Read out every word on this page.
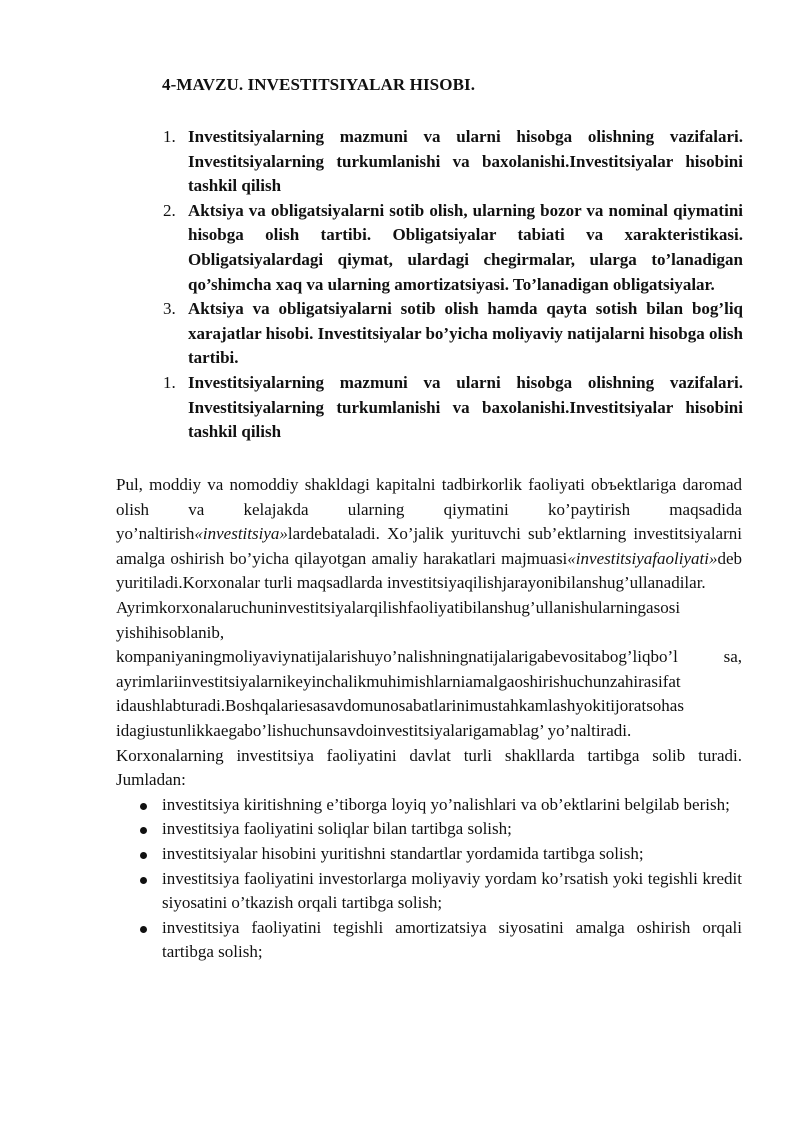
4-MAVZU. INVESTITSIYALAR HISOBI.
1. Investitsiyalarning mazmuni va ularni hisobga olishning vazifalari. Investitsiyalarning turkumlanishi va baxolanishi.Investitsiyalar hisobini tashkil qilish
2. Aktsiya va obligatsiyalarni sotib olish, ularning bozor va nominal qiymatini hisobga olish tartibi. Obligatsiyalar tabiati va xarakteristikasi. Obligatsiyalardagi qiymat, ulardagi chegirmalar, ularga to’lanadigan qo’shimcha xaq va ularning amortizatsiyasi. To’lanadigan obligatsiyalar.
3. Aktsiya va obligatsiyalarni sotib olish hamda qayta sotish bilan bog’liq xarajatlar hisobi. Investitsiyalar bo’yicha moliyaviy natijalarni hisobga olish tartibi.
1. Investitsiyalarning mazmuni va ularni hisobga olishning vazifalari. Investitsiyalarning turkumlanishi va baxolanishi.Investitsiyalar hisobini tashkil qilish

Pul, moddiy va nomoddiy shakldagi kapitalni tadbirkorlik faoliyati obъektlariga daromad olish va kelajakda ularning qiymatini ko’paytirish maqsadida yo’naltirish«investitsiya»lardebataladi. Xo’jalik yurituvchi sub’ektlarning investitsiyalarni amalga oshirish bo’yicha qilayotgan amaliy harakatlari majmuasi«investitsiyafaoliyati»deb yuritiladi.Korxonalar turli maqsadlarda investitsiyaqilishjarayonibilanshug’ullanadilar.

Ayrimkorxonalaruchuninvestitsiyalarqilishfaoliyatibilanshug’ullanishularningasosi yishihisoblanib, kompaniyaningmoliyaviynatijalarishuyo’nalishningnatijalarigabevositabog’liqbo’l sa, ayrimlariinvestitsiyalarnikeyinchalikmuhimishlarniamalgaoshirishuchunzahirasifat idaushlabturadi.Boshqalariesasavdomunosabatlarinimustahkamlashyokitijoratsohas idagiustunlikkaegabo’lishuchunsavdoinvestitsiyalarigamablag’ yo’naltiradi.

Korxonalarning investitsiya faoliyatini davlat turli shakllarda tartibga solib turadi. Jumladan:

investitsiya kiritishning e’tiborga loyiq yo’nalishlari va ob’ektlarini belgilab berish;
investitsiya faoliyatini soliqlar bilan tartibga solish;
investitsiyalar hisobini yuritishni standartlar yordamida tartibga solish;
investitsiya faoliyatini investorlarga moliyaviy yordam ko’rsatish yoki tegishli kredit siyosatini o’tkazish orqali tartibga solish;
investitsiya faoliyatini tegishli amortizatsiya siyosatini amalga oshirish orqali tartibga solish;
